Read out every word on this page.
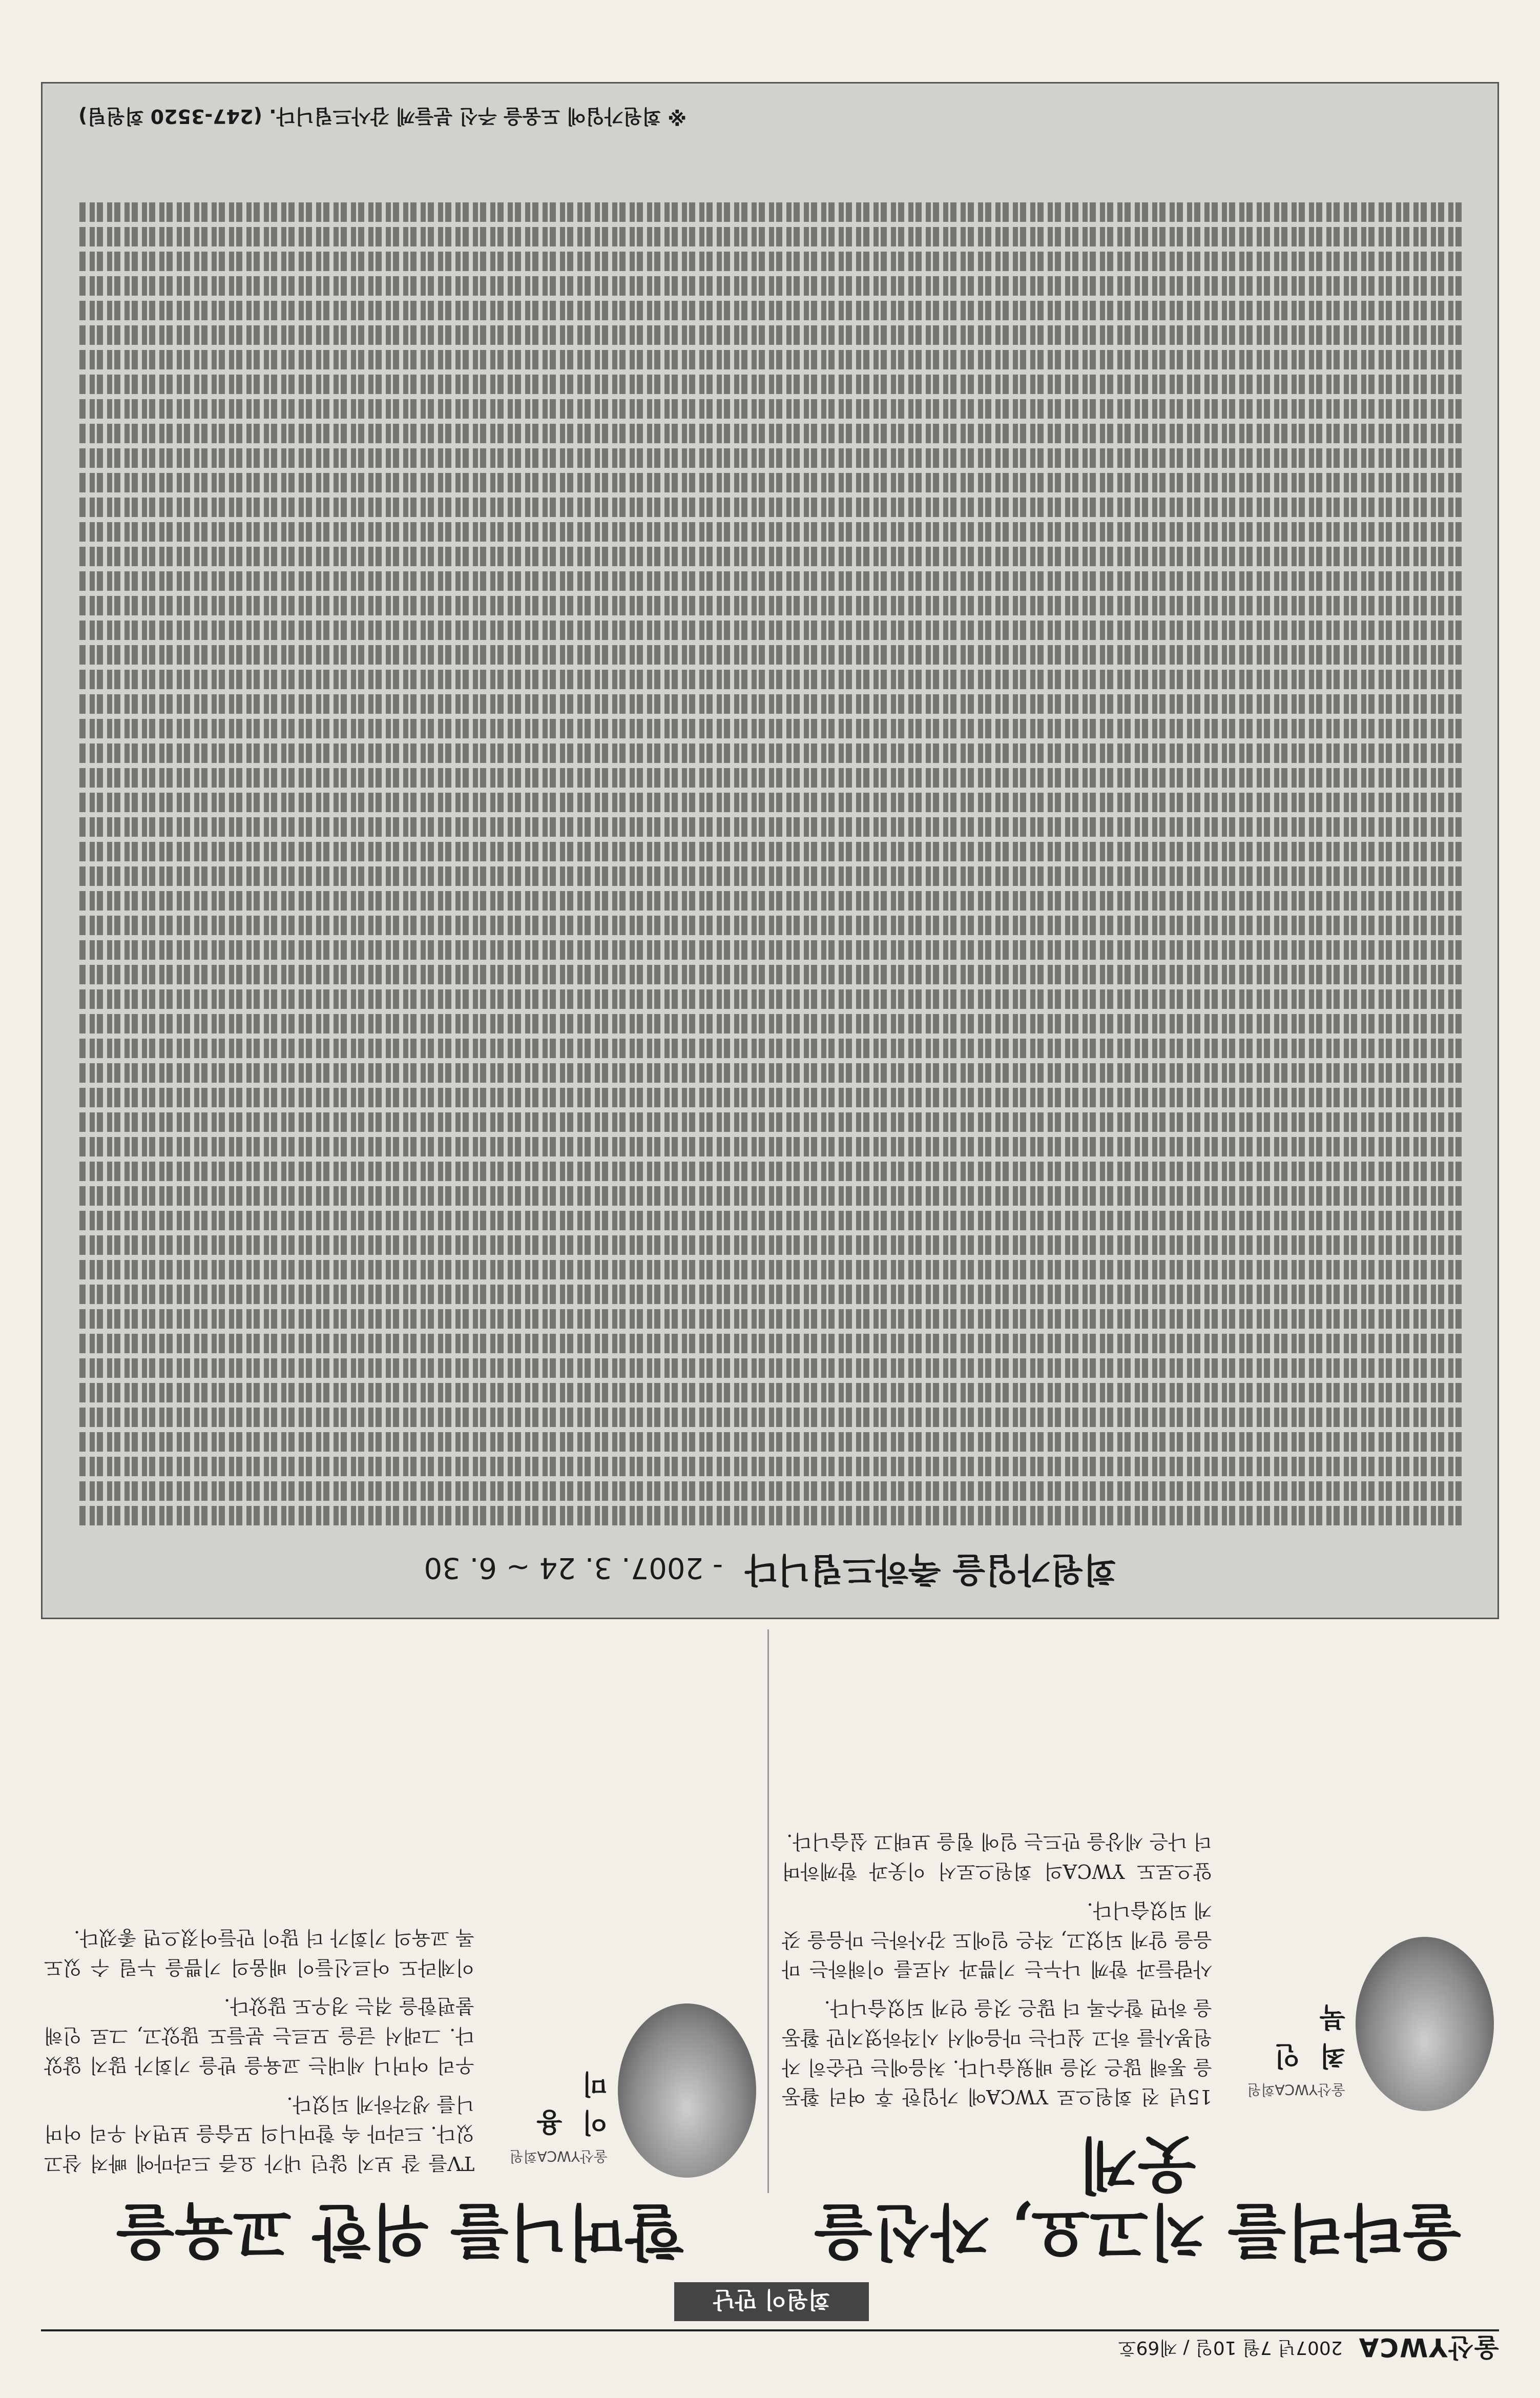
울산YWCA
2007년 7월 10일 / 제69호
회원이 만난
울타리를 치고요, 자신을 웃게
울산YWCA회원
최 인 북

15년 전 회원으로 YWCA에 가입한 후 여러 활동을 통해 많은 것을 배웠습니다. 처음에는 단순히 자원봉사를 하고 싶다는 마음에서 시작하였지만 활동을 하면 할수록 더 많은 것을 얻게 되었습니다.

사람들과 함께 나누는 기쁨과 서로를 이해하는 마음을 알게 되었고, 작은 일에도 감사하는 마음을 갖게 되었습니다.

앞으로도 YWCA의 회원으로서 이웃과 함께하며 더 나은 세상을 만드는 일에 힘을 보태고 싶습니다.

할머니를 위한 교육을
울산YWCA회원
이 용 미

TV를 잘 보지 않던 내가 요즘 드라마에 빠져 살고 있다. 드라마 속 할머니의 모습을 보면서 우리 어머니를 생각하게 되었다.

우리 어머니 세대는 교육을 받을 기회가 많지 않았다. 그래서 글을 모르는 분들도 많았고, 그로 인해 불편함을 겪는 경우도 많았다.

이제라도 어르신들이 배움의 기쁨을 누릴 수 있도록 교육의 기회가 더 많이 만들어졌으면 좋겠다.

회원가입을 축하드립니다 - 2007. 3. 24 ~ 6. 30
※ 회원가입에 도움을 주신 분들께 감사드립니다. (247-3520 회원팀)
